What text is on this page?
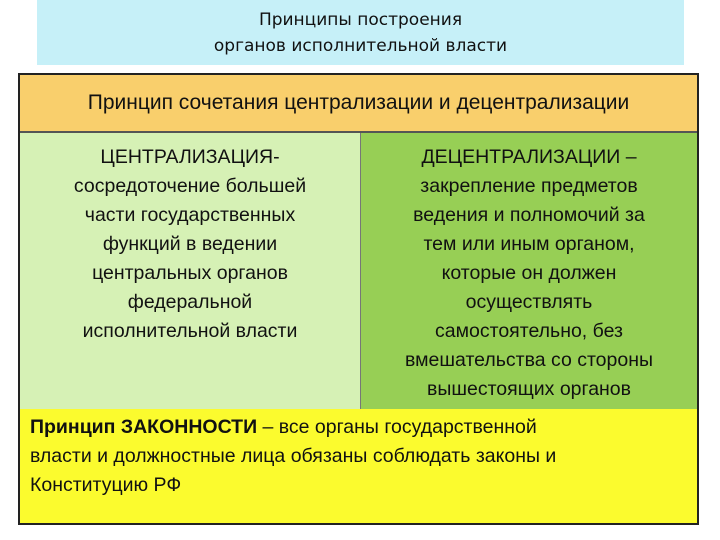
Принципы построения
органов исполнительной власти
Принцип сочетания централизации и децентрализации
ЦЕНТРАЛИЗАЦИЯ-
сосредоточение большей
части государственных
функций в ведении
центральных органов
федеральной
исполнительной власти
ДЕЦЕНТРАЛИЗАЦИИ –
закрепление предметов
ведения и полномочий за
тем или иным органом,
которые он должен
осуществлять
самостоятельно, без
вмешательства со стороны
вышестоящих органов
Принцип ЗАКОННОСТИ – все органы государственной
власти и должностные лица обязаны соблюдать законы и
Конституцию РФ
